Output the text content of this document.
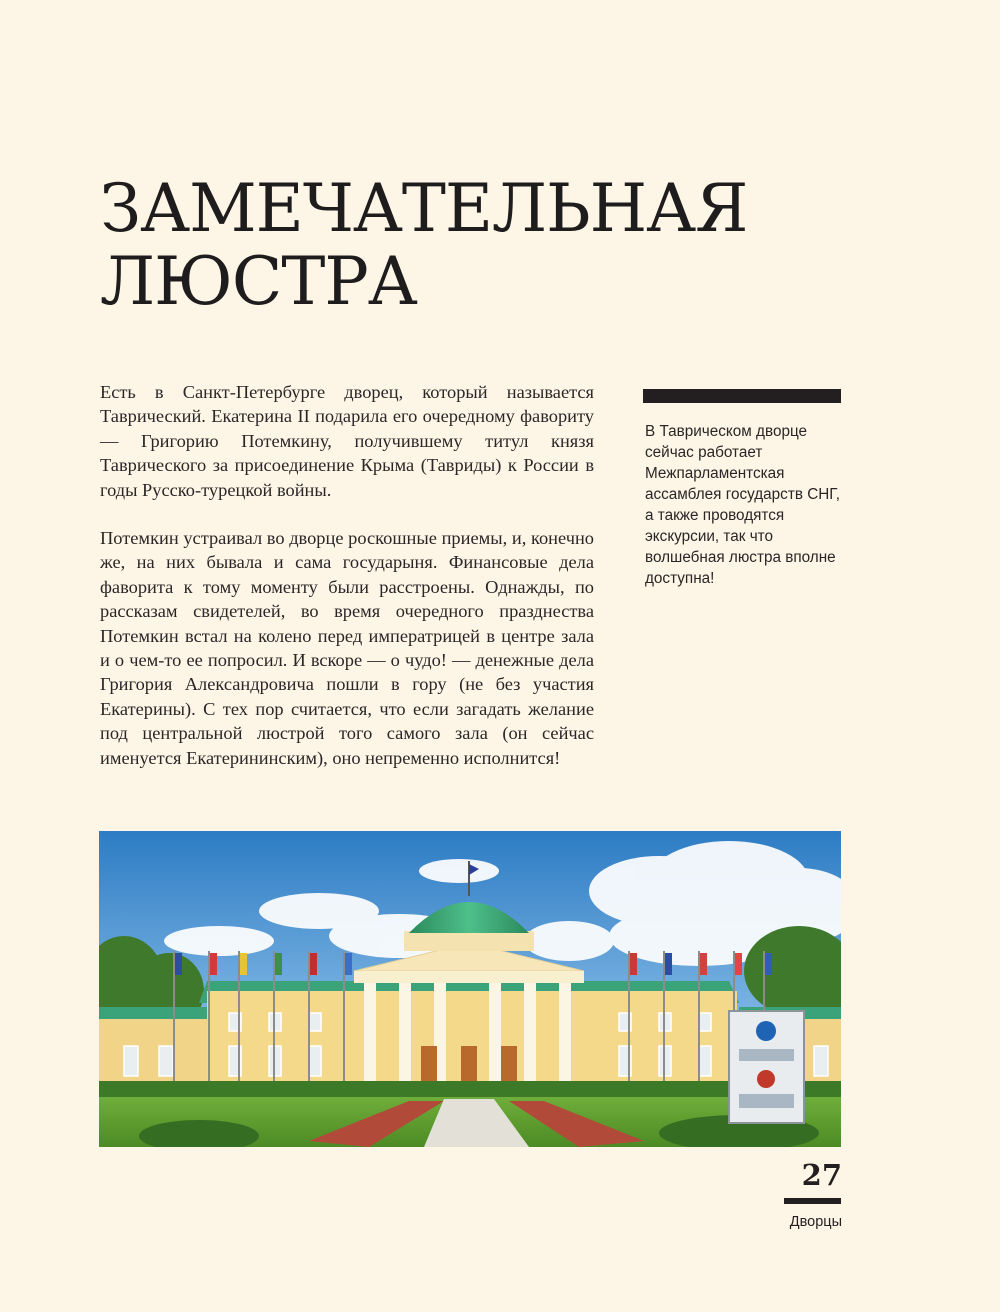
ЗАМЕЧАТЕЛЬНАЯ
ЛЮСТРА

Есть в Санкт-Петербурге дворец, который называется Таврический. Екатерина II подарила его очередному фавориту — Григорию Потемкину, получившему титул князя Таврического за присоединение Крыма (Тавриды) к России в годы Русско-турецкой войны.

Потемкин устраивал во дворце роскошные приемы, и, конечно же, на них бывала и сама государыня. Финансовые дела фаворита к тому моменту были расстроены. Однажды, по рассказам свидетелей, во время очередного празднества Потемкин встал на колено перед императрицей в центре зала и о чем-то ее попросил. И вскоре — о чудо! — денежные дела Григория Александровича пошли в гору (не без участия Екатерины). С тех пор считается, что если загадать желание под центральной люстрой того самого зала (он сейчас именуется Екатерининским), оно непременно исполнится!

В Таврическом дворце сейчас работает Межпарламентская ассамблея государств СНГ, а также проводятся экскурсии, так что волшебная люстра вполне доступна!

27
Дворцы
